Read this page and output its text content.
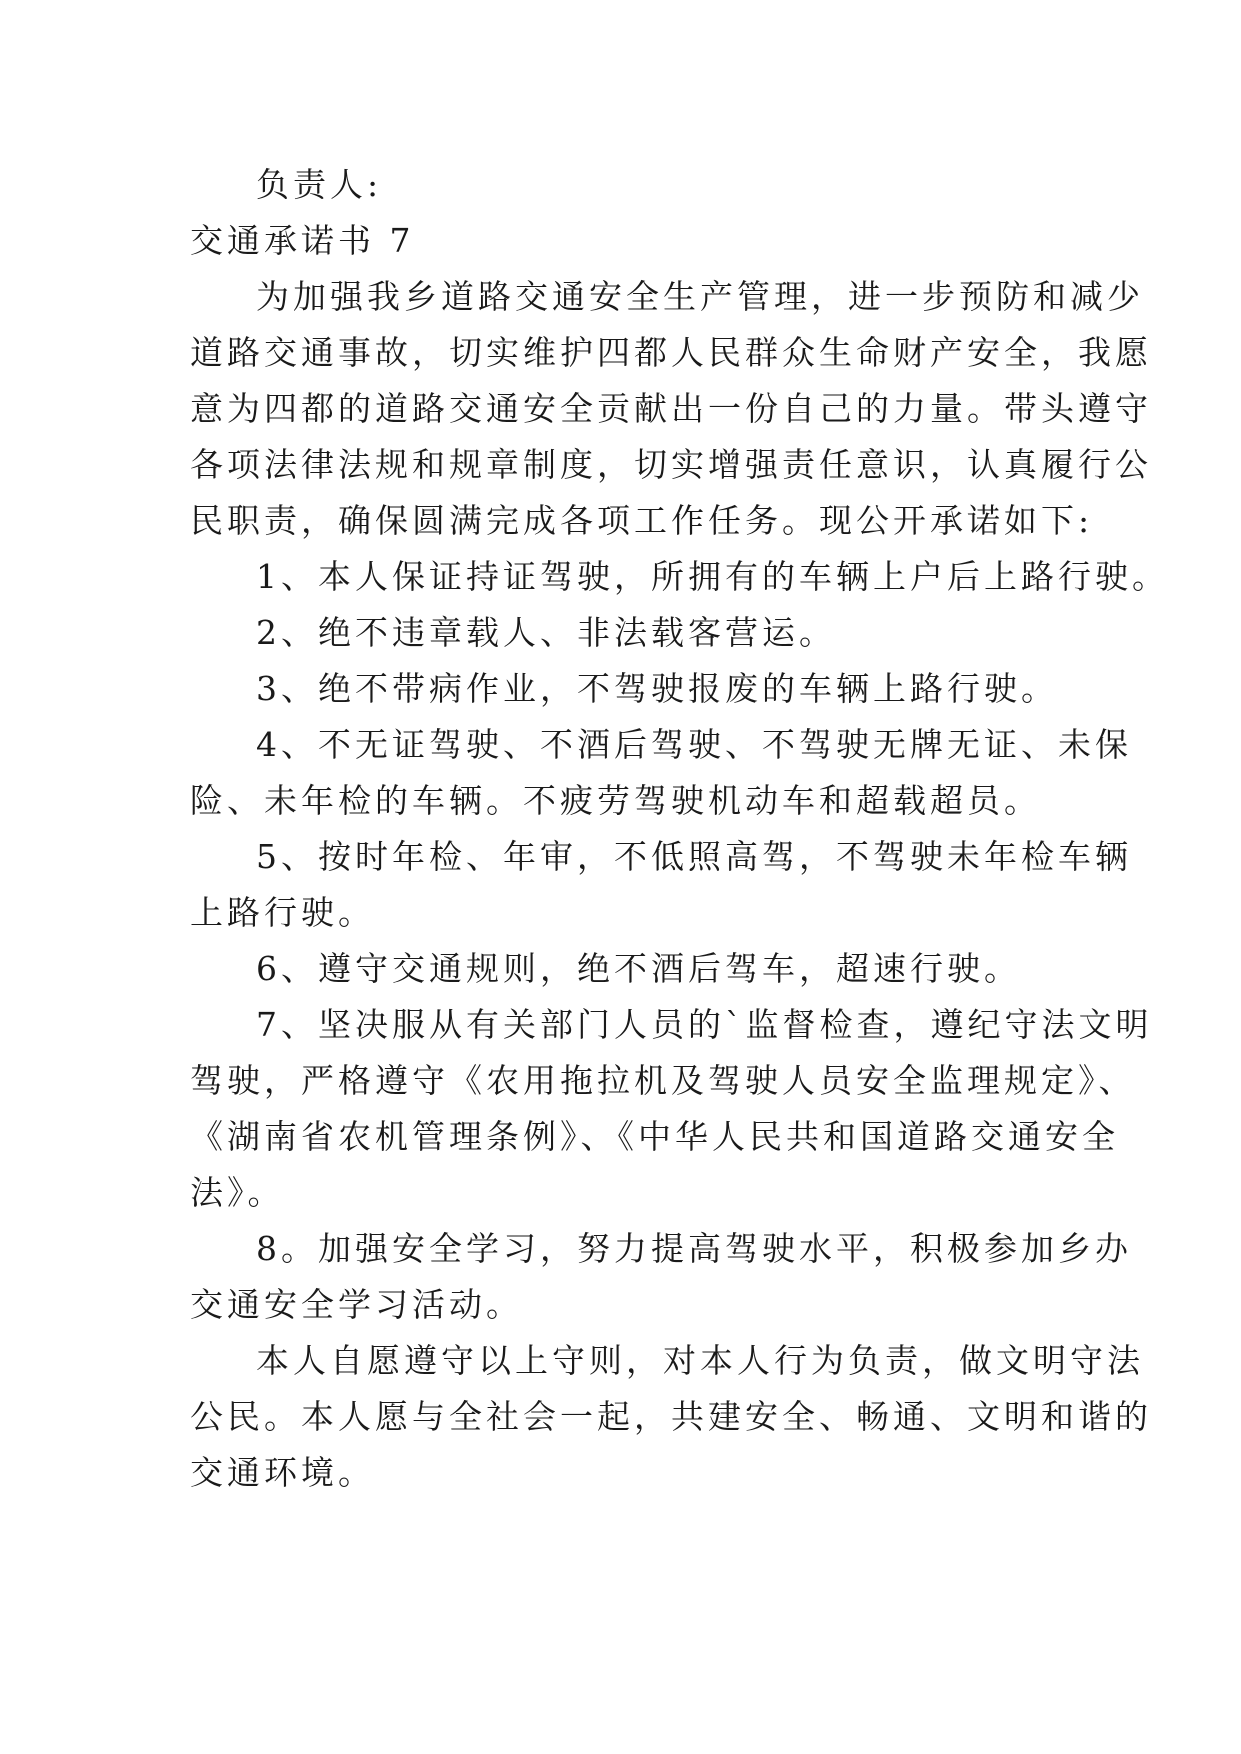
负责人:
交通承诺书 7
为加强我乡道路交通安全生产管理，进一步预防和减少
道路交通事故，切实维护四都人民群众生命财产安全，我愿
意为四都的道路交通安全贡献出一份自己的力量。带头遵守
各项法律法规和规章制度，切实增强责任意识，认真履行公
民职责，确保圆满完成各项工作任务。现公开承诺如下:
1、本人保证持证驾驶，所拥有的车辆上户后上路行驶。
2、绝不违章载人、非法载客营运。
3、绝不带病作业，不驾驶报废的车辆上路行驶。
4、不无证驾驶、不酒后驾驶、不驾驶无牌无证、未保
险、未年检的车辆。不疲劳驾驶机动车和超载超员。
5、按时年检、年审，不低照高驾，不驾驶未年检车辆
上路行驶。
6、遵守交通规则，绝不酒后驾车，超速行驶。
7、坚决服从有关部门人员的`监督检查，遵纪守法文明
驾驶，严格遵守《农用拖拉机及驾驶人员安全监理规定》、
《湖南省农机管理条例》、《中华人民共和国道路交通安全
法》。
8。加强安全学习，努力提高驾驶水平，积极参加乡办
交通安全学习活动。
本人自愿遵守以上守则，对本人行为负责，做文明守法
公民。本人愿与全社会一起，共建安全、畅通、文明和谐的
交通环境。
